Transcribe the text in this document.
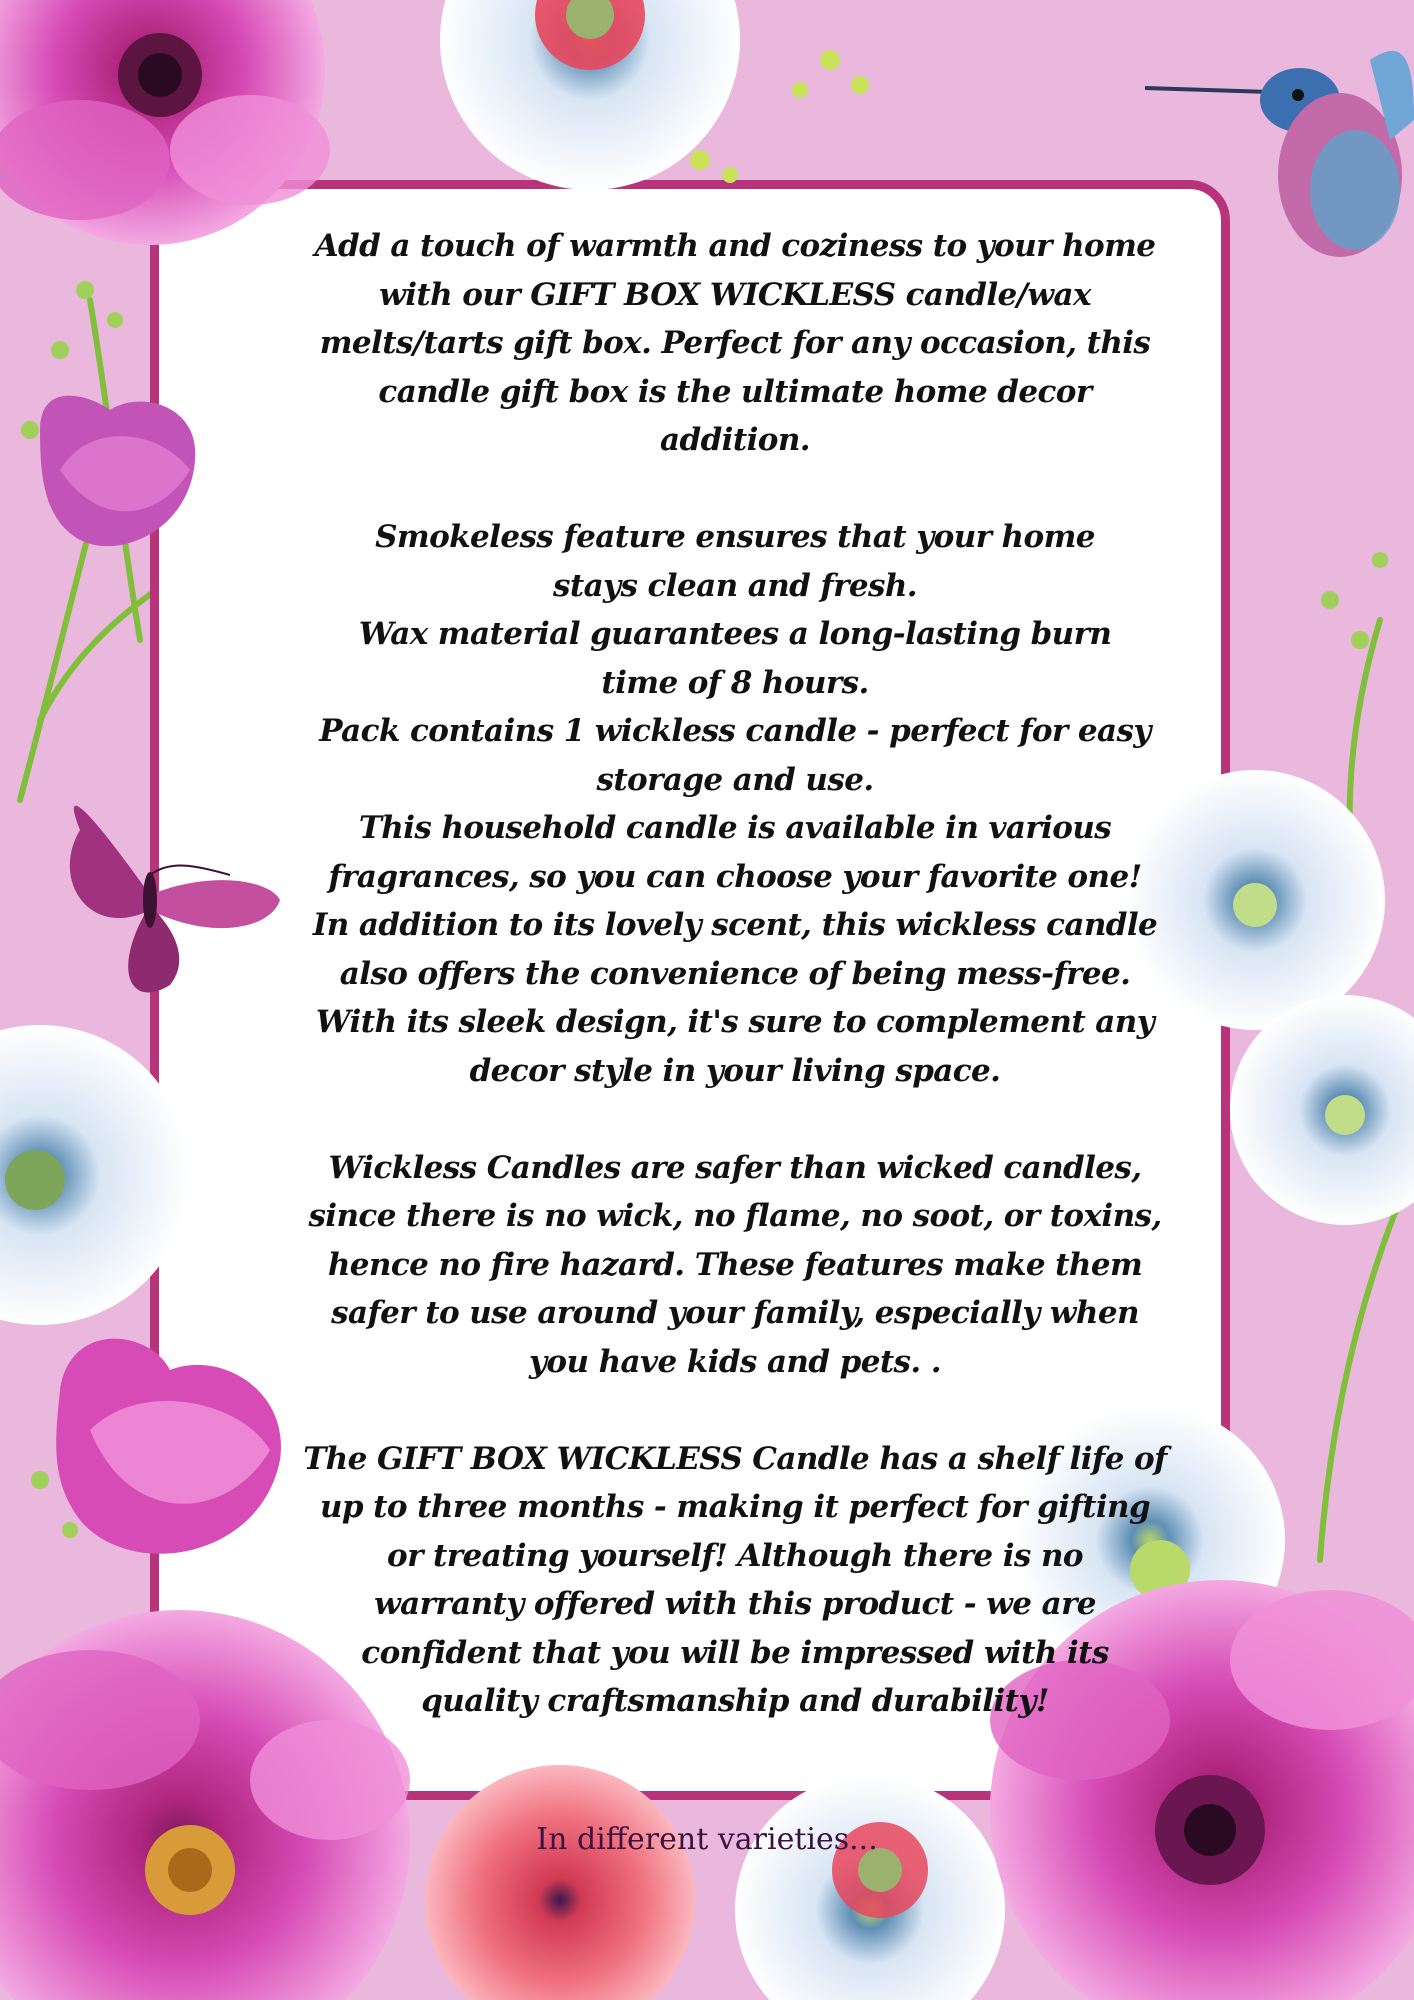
Add a touch of warmth and coziness to your home

with our GIFT BOX WICKLESS candle/wax

melts/tarts gift box. Perfect for any occasion, this

candle gift box is the ultimate home decor

addition.

Smokeless feature ensures that your home

stays clean and fresh.

Wax material guarantees a long-lasting burn

time of 8 hours.

Pack contains 1 wickless candle - perfect for easy

storage and use.

This household candle is available in various

fragrances, so you can choose your favorite one!

In addition to its lovely scent, this wickless candle

also offers the convenience of being mess-free.

With its sleek design, it's sure to complement any

decor style in your living space.

Wickless Candles are safer than wicked candles,

since there is no wick, no flame, no soot, or toxins,

hence no fire hazard. These features make them

safer to use around your family, especially when

you have kids and pets. .

The GIFT BOX WICKLESS Candle has a shelf life of

up to three months - making it perfect for gifting

or treating yourself! Although there is no

warranty offered with this product - we are

confident that you will be impressed with its

quality craftsmanship and durability!

In different varieties...
